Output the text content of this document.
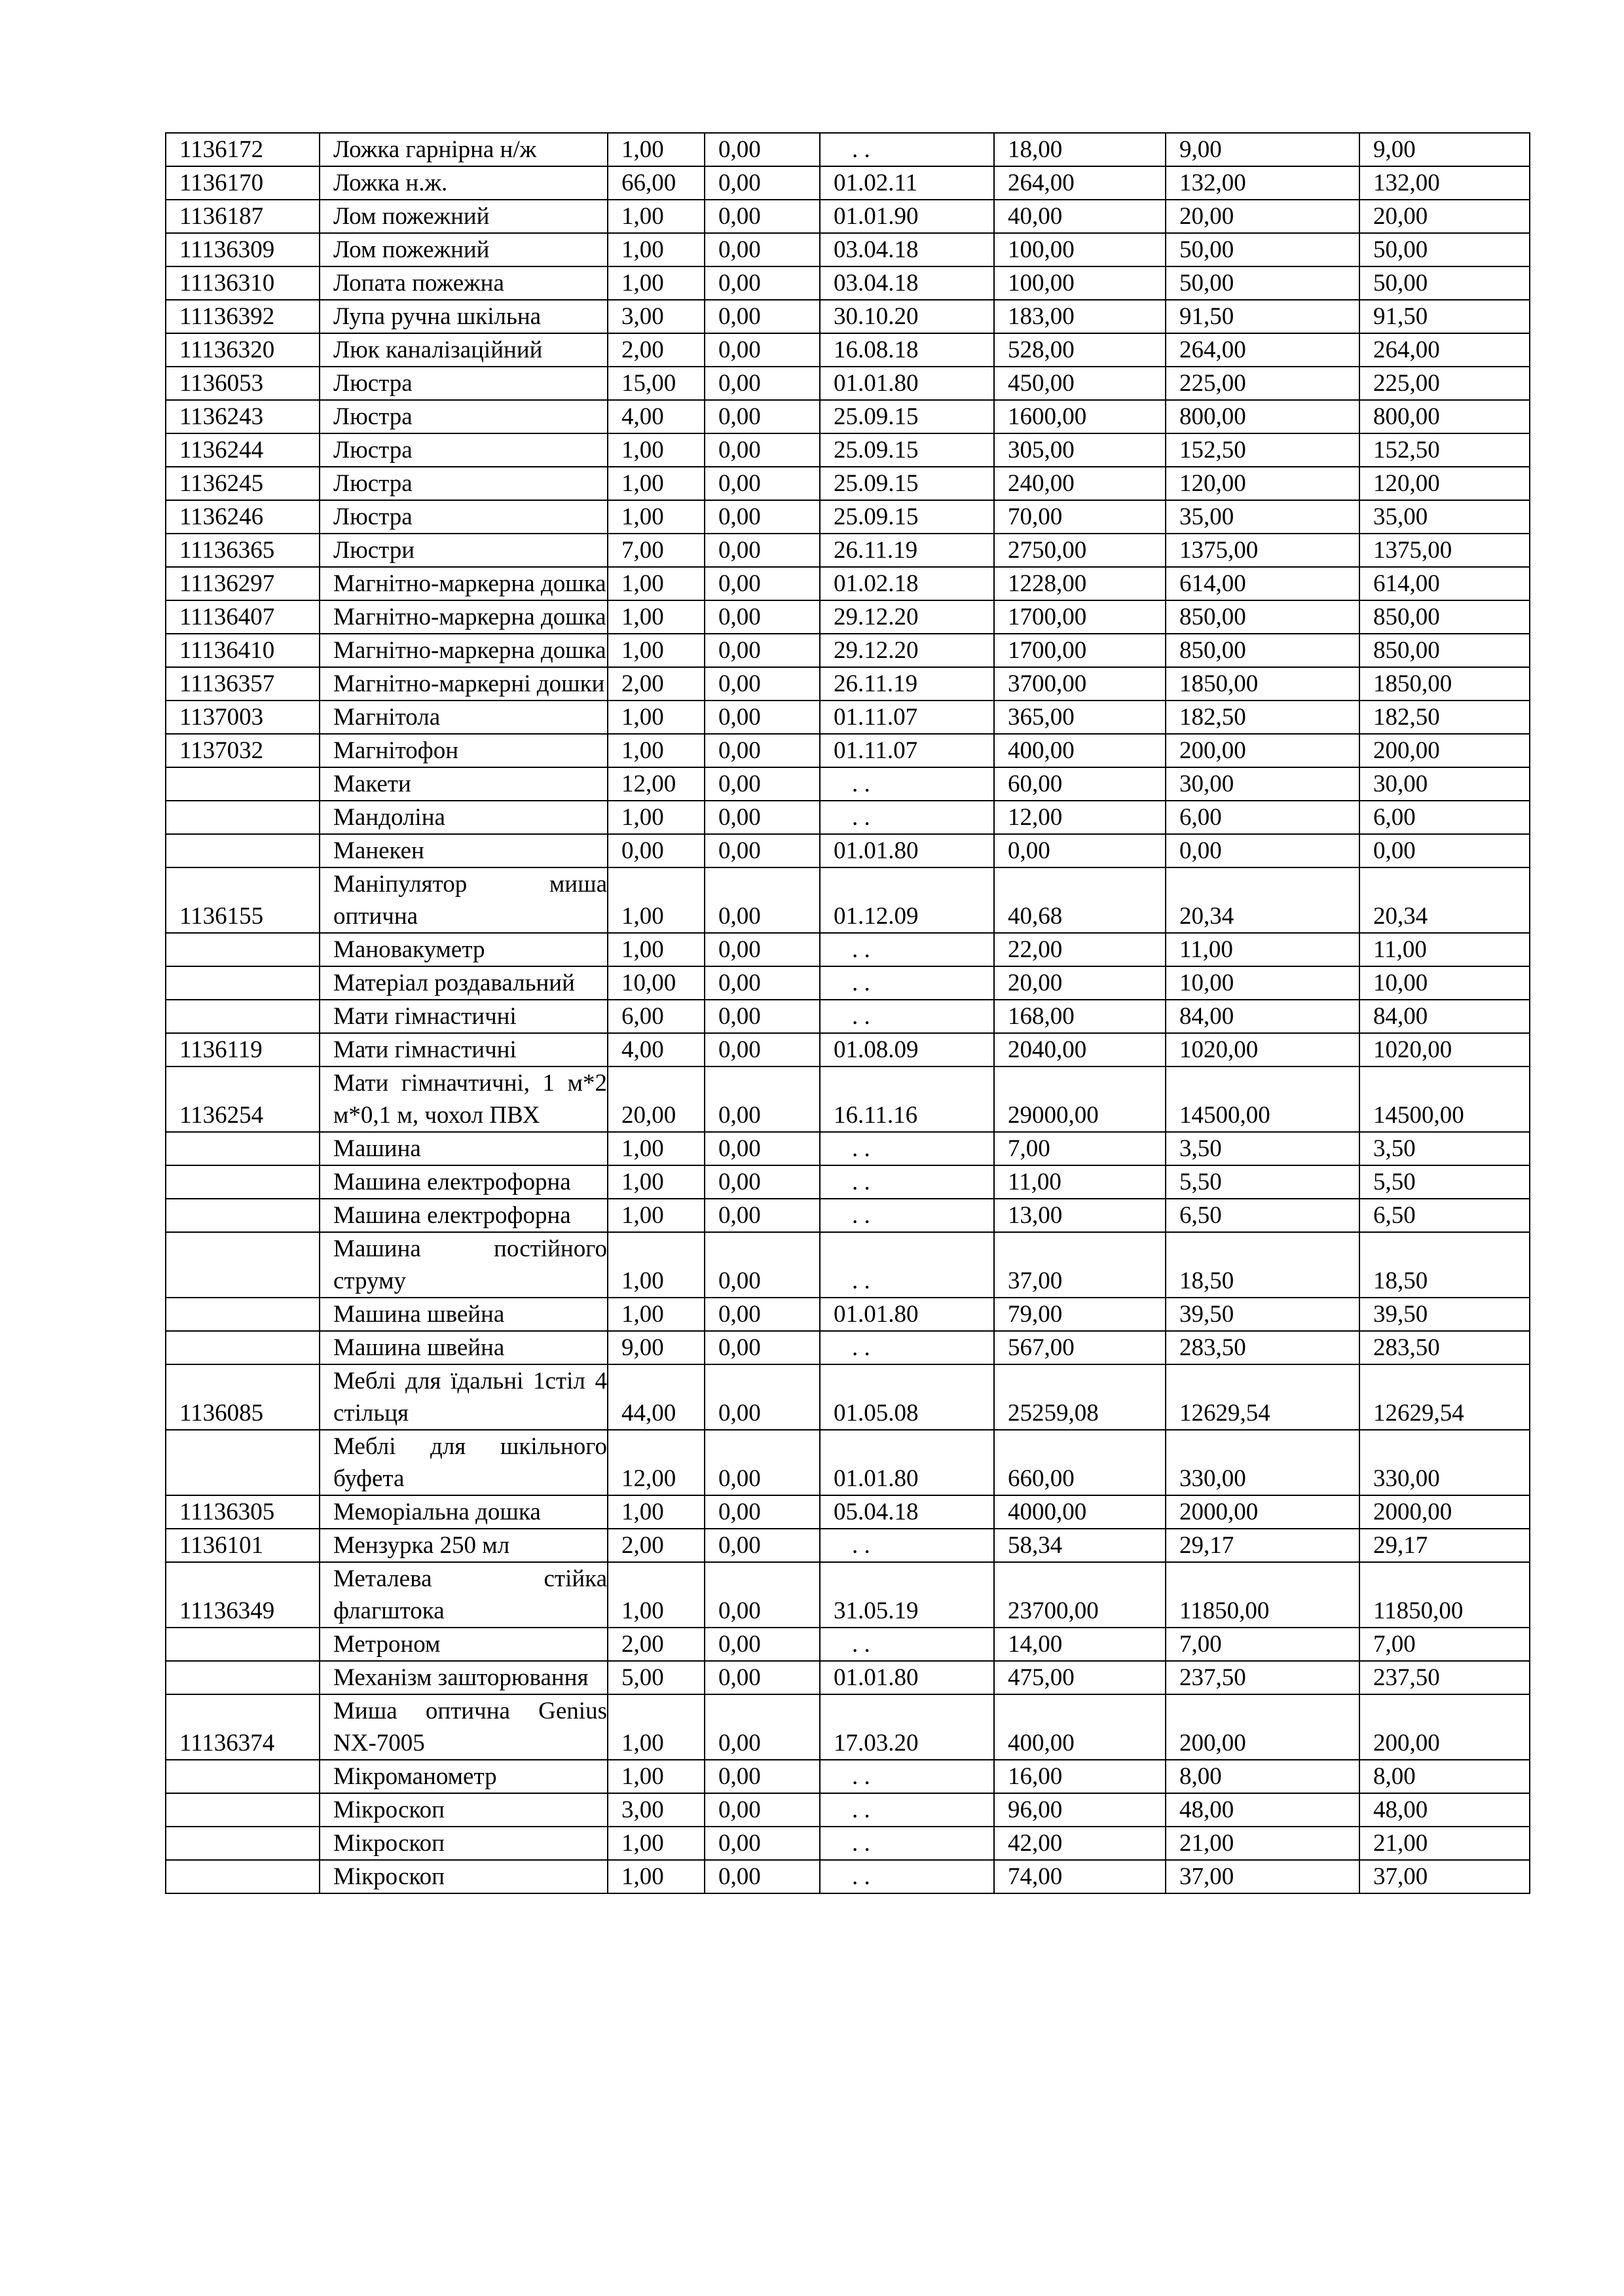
1136172	Ложка гарнірна н/ж	1,00	0,00	. .	18,00	9,00	9,00
1136170	Ложка н.ж.	66,00	0,00	01.02.11	264,00	132,00	132,00
1136187	Лом пожежний	1,00	0,00	01.01.90	40,00	20,00	20,00
11136309	Лом пожежний	1,00	0,00	03.04.18	100,00	50,00	50,00
11136310	Лопата пожежна	1,00	0,00	03.04.18	100,00	50,00	50,00
11136392	Лупа ручна шкільна	3,00	0,00	30.10.20	183,00	91,50	91,50
11136320	Люк каналізаційний	2,00	0,00	16.08.18	528,00	264,00	264,00
1136053	Люстра	15,00	0,00	01.01.80	450,00	225,00	225,00
1136243	Люстра	4,00	0,00	25.09.15	1600,00	800,00	800,00
1136244	Люстра	1,00	0,00	25.09.15	305,00	152,50	152,50
1136245	Люстра	1,00	0,00	25.09.15	240,00	120,00	120,00
1136246	Люстра	1,00	0,00	25.09.15	70,00	35,00	35,00
11136365	Люстри	7,00	0,00	26.11.19	2750,00	1375,00	1375,00
11136297	Магнітно-маркерна дошка	1,00	0,00	01.02.18	1228,00	614,00	614,00
11136407	Магнітно-маркерна дошка	1,00	0,00	29.12.20	1700,00	850,00	850,00
11136410	Магнітно-маркерна дошка	1,00	0,00	29.12.20	1700,00	850,00	850,00
11136357	Магнітно-маркерні дошки	2,00	0,00	26.11.19	3700,00	1850,00	1850,00
1137003	Магнітола	1,00	0,00	01.11.07	365,00	182,50	182,50
1137032	Магнітофон	1,00	0,00	01.11.07	400,00	200,00	200,00
	Макети	12,00	0,00	. .	60,00	30,00	30,00
	Мандоліна	1,00	0,00	. .	12,00	6,00	6,00
	Манекен	0,00	0,00	01.01.80	0,00	0,00	0,00
1136155	Маніпулятор миша оптична	1,00	0,00	01.12.09	40,68	20,34	20,34
	Мановакуметр	1,00	0,00	. .	22,00	11,00	11,00
	Матеріал роздавальний	10,00	0,00	. .	20,00	10,00	10,00
	Мати гімнастичні	6,00	0,00	. .	168,00	84,00	84,00
1136119	Мати гімнастичні	4,00	0,00	01.08.09	2040,00	1020,00	1020,00
1136254	Мати гімначтичні, 1 м*2 м*0,1 м, чохол ПВХ	20,00	0,00	16.11.16	29000,00	14500,00	14500,00
	Машина	1,00	0,00	. .	7,00	3,50	3,50
	Машина електрофорна	1,00	0,00	. .	11,00	5,50	5,50
	Машина електрофорна	1,00	0,00	. .	13,00	6,50	6,50
	Машина постійного струму	1,00	0,00	. .	37,00	18,50	18,50
	Машина швейна	1,00	0,00	01.01.80	79,00	39,50	39,50
	Машина швейна	9,00	0,00	. .	567,00	283,50	283,50
1136085	Меблі для їдальні 1стіл 4 стільця	44,00	0,00	01.05.08	25259,08	12629,54	12629,54
	Меблі для шкільного буфета	12,00	0,00	01.01.80	660,00	330,00	330,00
11136305	Меморіальна дошка	1,00	0,00	05.04.18	4000,00	2000,00	2000,00
1136101	Мензурка 250 мл	2,00	0,00	. .	58,34	29,17	29,17
11136349	Металева стійка флагштока	1,00	0,00	31.05.19	23700,00	11850,00	11850,00
	Метроном	2,00	0,00	. .	14,00	7,00	7,00
	Механізм зашторювання	5,00	0,00	01.01.80	475,00	237,50	237,50
11136374	Миша оптична Genius NX-7005	1,00	0,00	17.03.20	400,00	200,00	200,00
	Мікроманометр	1,00	0,00	. .	16,00	8,00	8,00
	Мікроскоп	3,00	0,00	. .	96,00	48,00	48,00
	Мікроскоп	1,00	0,00	. .	42,00	21,00	21,00
	Мікроскоп	1,00	0,00	. .	74,00	37,00	37,00
